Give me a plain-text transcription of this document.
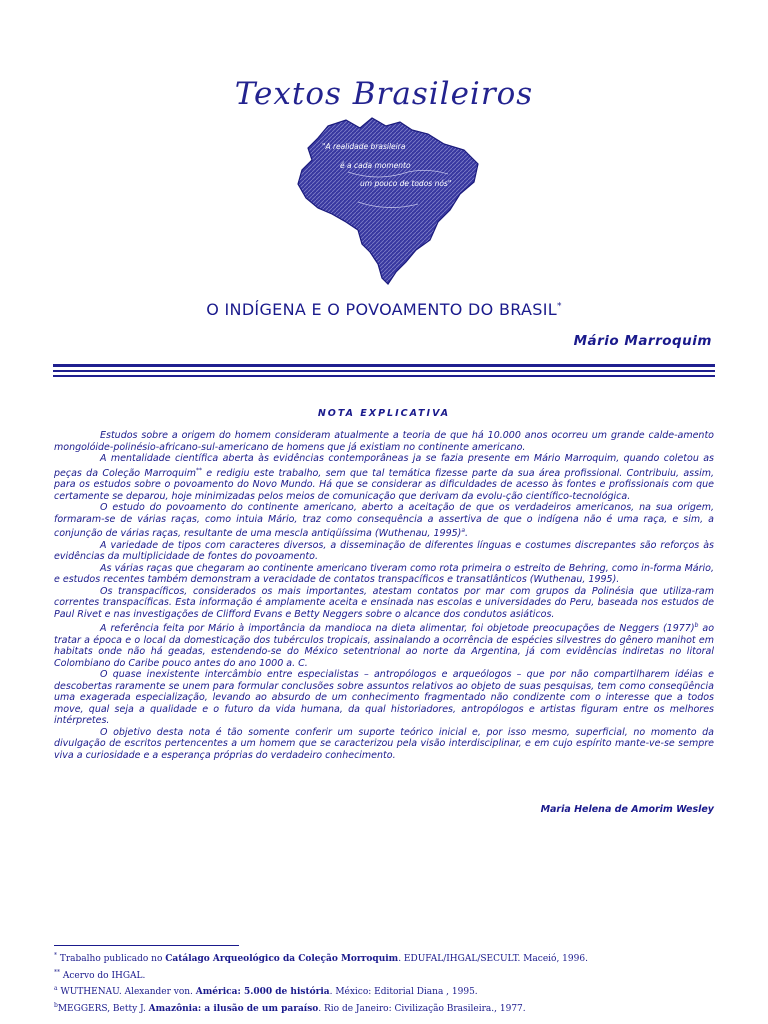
Textos Brasileiros
"A realidade brasileira
é a cada momento
um pouco de todos nós"
O INDÍGENA E O POVOAMENTO DO BRASIL*
Mário Marroquim
NOTA EXPLICATIVA

Estudos sobre a origem do homem consideram atualmente a teoria de que há 10.000 anos ocorreu um grande calde-amento mongolóide-polinésio-africano-sul-americano de homens que já existiam no continente americano.

A mentalidade científica aberta às evidências contemporâneas ja se fazia presente em Mário Marroquim, quando coletou as peças da Coleção Marroquim** e redigiu este trabalho, sem que tal temática fizesse parte da sua área profissional. Contribuiu, assim, para os estudos sobre o povoamento do Novo Mundo. Há que se considerar as dificuldades de acesso às fontes e profissionais com que certamente se deparou, hoje minimizadas pelos meios de comunicação que derivam da evolu-ção científico-tecnológica.

O estudo do povoamento do continente americano, aberto a aceitação de que os verdadeiros americanos, na sua origem, formaram-se de várias raças, como intuia Mário, traz como consequência a assertiva de que o indígena não é uma raça, e sim, a conjunção de várias raças, resultante de uma mescla antiqüíssima (Wuthenau, 1995)$^a$.

A variedade de tipos com caracteres diversos, a disseminação de diferentes línguas e costumes discrepantes são reforços às evidências da multiplicidade de fontes do povoamento.

As várias raças que chegaram ao continente americano tiveram como rota primeira o estreito de Behring, como in-forma Mário, e estudos recentes também demonstram a veracidade de contatos transpacíficos e transatlânticos (Wuthenau, 1995).

Os transpacíficos, considerados os mais importantes, atestam contatos por mar com grupos da Polinésia que utiliza-ram correntes transpacíficas. Esta informação é amplamente aceita e ensinada nas escolas e universidades do Peru, baseada nos estudos de Paul Rivet e nas investigações de Clifford Evans e Betty Neggers sobre o alcance dos condutos asiáticos.

A referência feita por Mário à importância da mandioca na dieta alimentar, foi objetode preocupações de Neggers $(1977)^b$ ao tratar a época e o local da domesticação dos tubérculos tropicais, assinalando a ocorrência de espécies silvestres do gênero manihot em habitats onde não há geadas, estendendo-se do México setentrional ao norte da Argentina, já com evidências indiretas no litoral Colombiano do Caribe pouco antes do ano 1000 a. C.

O quase inexistente intercâmbio entre especialistas – antropólogos e arqueólogos – que por não compartilharem idéias e descobertas raramente se unem para formular conclusões sobre assuntos relativos ao objeto de suas pesquisas, tem como conseqüência uma exagerada especialização, levando ao absurdo de um conhecimento fragmentado não condizente com o interesse que a todos move, qual seja a qualidade e o futuro da vida humana, da qual historiadores, antropólogos e artistas figuram entre os melhores intérpretes.

O objetivo desta nota é tão somente conferir um suporte teórico inicial e, por isso mesmo, superficial, no momento da divulgação de escritos pertencentes a um homem que se caracterizou pela visão interdisciplinar, e em cujo espírito mante-ve-se sempre viva a curiosidade e a esperança próprias do verdadeiro conhecimento.

Maria Helena de Amorim Wesley
* Trabalho publicado no Catálago Arqueológico da Coleção Morroquim. EDUFAL/IHGAL/SECULT. Maceió, 1996.
** Acervo do IHGAL.
$^a$ WUTHENAU. Alexander von. América: 5.000 de história. México: Editorial Diana , 1995.
$^b$MEGGERS, Betty J. Amazônia: a ilusão de um paraíso. Rio de Janeiro: Civilização Brasileira., 1977.
